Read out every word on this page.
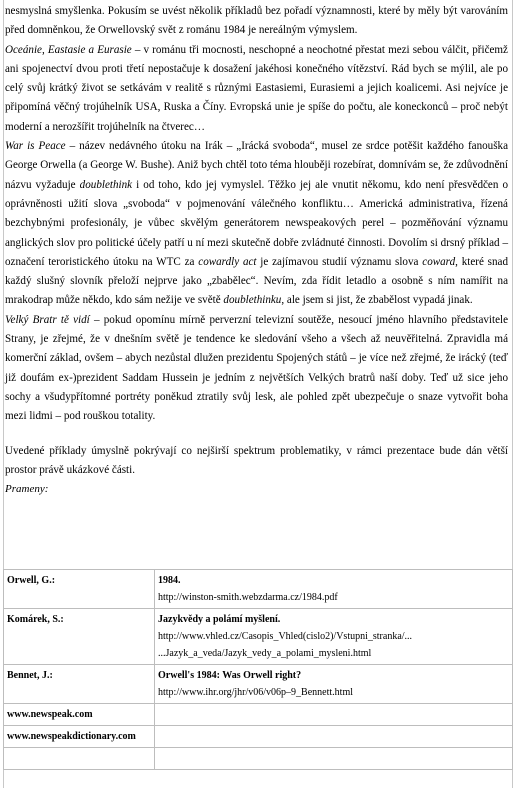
nesmyslná smyšlenka. Pokusím se uvést několik příkladů bez pořadí významnosti, které by měly být varováním před domněnkou, že Orwellovský svět z románu 1984 je nereálným výmyslem.

Oceánie, Eastasie a Eurasie – v románu tři mocnosti, neschopné a neochotné přestat mezi sebou válčit, přičemž ani spojenectví dvou proti třetí nepostačuje k dosažení jakéhosi konečného vítězství. Rád bych se mýlil, ale po celý svůj krátký život se setkávám v realitě s různými Eastasiemi, Eurasiemi a jejich koalicemi. Asi nejvíce je připomíná věčný trojúhelník USA, Ruska a Číny. Evropská unie je spíše do počtu, ale koneckonců – proč nebýt moderní a nerozšířit trojúhelník na čtverec…

War is Peace – název nedávného útoku na Irák – „Irácká svoboda“, musel ze srdce potěšit každého fanouška George Orwella (a George W. Bushe). Aniž bych chtěl toto téma hlouběji rozebírat, domnívám se, že zdůvodnění názvu vyžaduje doublethink i od toho, kdo jej vymyslel. Těžko jej ale vnutit někomu, kdo není přesvědčen o oprávněnosti užití slova „svoboda“ v pojmenování válečného konfliktu… Americká administrativa, řízená bezchybnými profesionály, je vůbec skvělým generátorem newspeakových perel – pozměňování významu anglických slov pro politické účely patří u ní mezi skutečně dobře zvládnuté činnosti. Dovolím si drsný příklad – označení teroristického útoku na WTC za cowardly act je zajímavou studií významu slova coward, které snad každý slušný slovník přeloží nejprve jako „zbabělec“. Nevím, zda řídit letadlo a osobně s ním namířit na mrakodrap může někdo, kdo sám nežije ve světě doublethinku, ale jsem si jist, že zbabělost vypadá jinak.

Velký Bratr tě vidí – pokud opomínu mírně perverzní televizní soutěže, nesoucí jméno hlavního představitele Strany, je zřejmé, že v dnešním světě je tendence ke sledování všeho a všech až neuvěřitelná. Zpravidla má komerční základ, ovšem – abych nezůstal dlužen prezidentu Spojených států – je více než zřejmé, že irácký (teď již doufám ex-)prezident Saddam Hussein je jedním z největších Velkých bratrů naší doby. Teď už sice jeho sochy a všudypřítomné portréty poněkud ztratily svůj lesk, ale pohled zpět ubezpečuje o snaze vytvořit boha mezi lidmi – pod rouškou totality.

Uvedené příklady úmyslně pokrývají co nejširší spektrum problematiky, v rámci prezentace bude dán větší prostor právě ukázkové části.

Prameny:
Orwell, G.:	1984.
http://winston-smith.webzdarma.cz/1984.pdf

Komárek, S.:	Jazykvědy a polámí myšlení.
http://www.vhled.cz/Casopis_Vhled(cislo2)/Vstupni_stranka/...
...Jazyk_a_veda/Jazyk_vedy_a_polami_mysleni.html

Bennet, J.:	Orwell's 1984: Was Orwell right?
http://www.ihr.org/jhr/v06/v06p–9_Bennett.html

www.newspeak.com	
www.newspeakdictionary.com	
